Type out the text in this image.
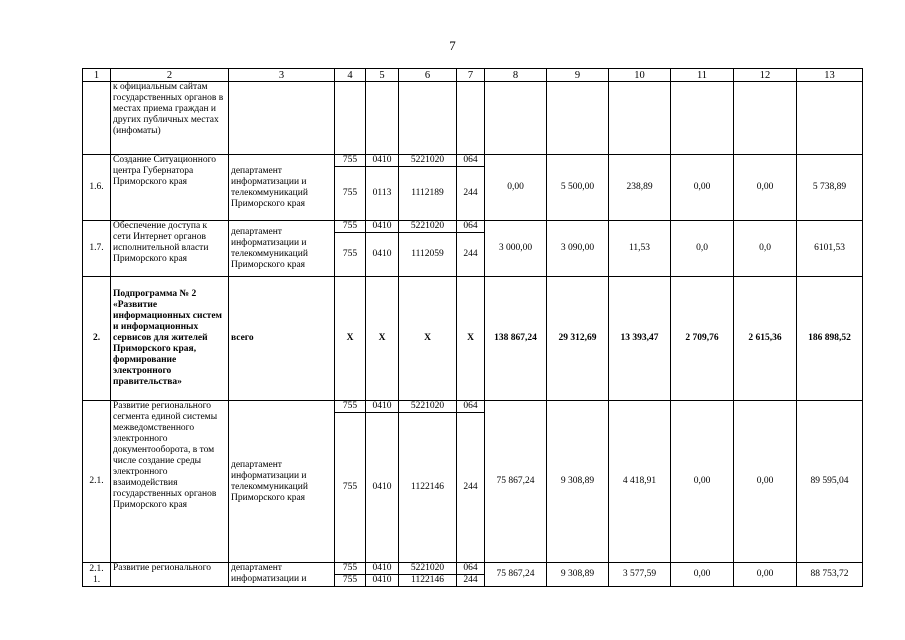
7
1	2	3	4	5	6	7	8	9	10	11	12	13
	к официальным сайтам государственных органов в местах приема граждан и других публичных местах (инфоматы)											
1.6.	Создание Ситуационного центра Губернатора Приморского края	департамент информатизации и телекоммуникаций Приморского края	755	0410	5221020	064	0,00	5 500,00	238,89	0,00	0,00	5 738,89
			755	0113	1112189	244						
1.7.	Обеспечение доступа к сети Интернет органов исполнительной власти Приморского края	департамент информатизации и телекоммуникаций Приморского края	755	0410	5221020	064	3 000,00	3 090,00	11,53	0,0	0,0	6101,53
			755	0410	1112059	244						
2.	Подпрограмма № 2 «Развитие информационных систем и информационных сервисов для жителей Приморского края, формирование электронного правительства»	всего	Х	Х	Х	Х	138 867,24	29 312,69	13 393,47	2 709,76	2 615,36	186 898,52
2.1.	Развитие регионального сегмента единой системы межведомственного электронного документооборота, в том числе создание среды электронного взаимодействия государственных органов Приморского края	департамент информатизации и телекоммуникаций Приморского края	755	0410	5221020	064	75 867,24	9 308,89	4 418,91	0,00	0,00	89 595,04
			755	0410	1122146	244						
2.1. 1.	Развитие регионального	департамент информатизации и	755	0410	5221020	064	75 867,24	9 308,89	3 577,59	0,00	0,00	88 753,72
			755	0410	1122146	244						
